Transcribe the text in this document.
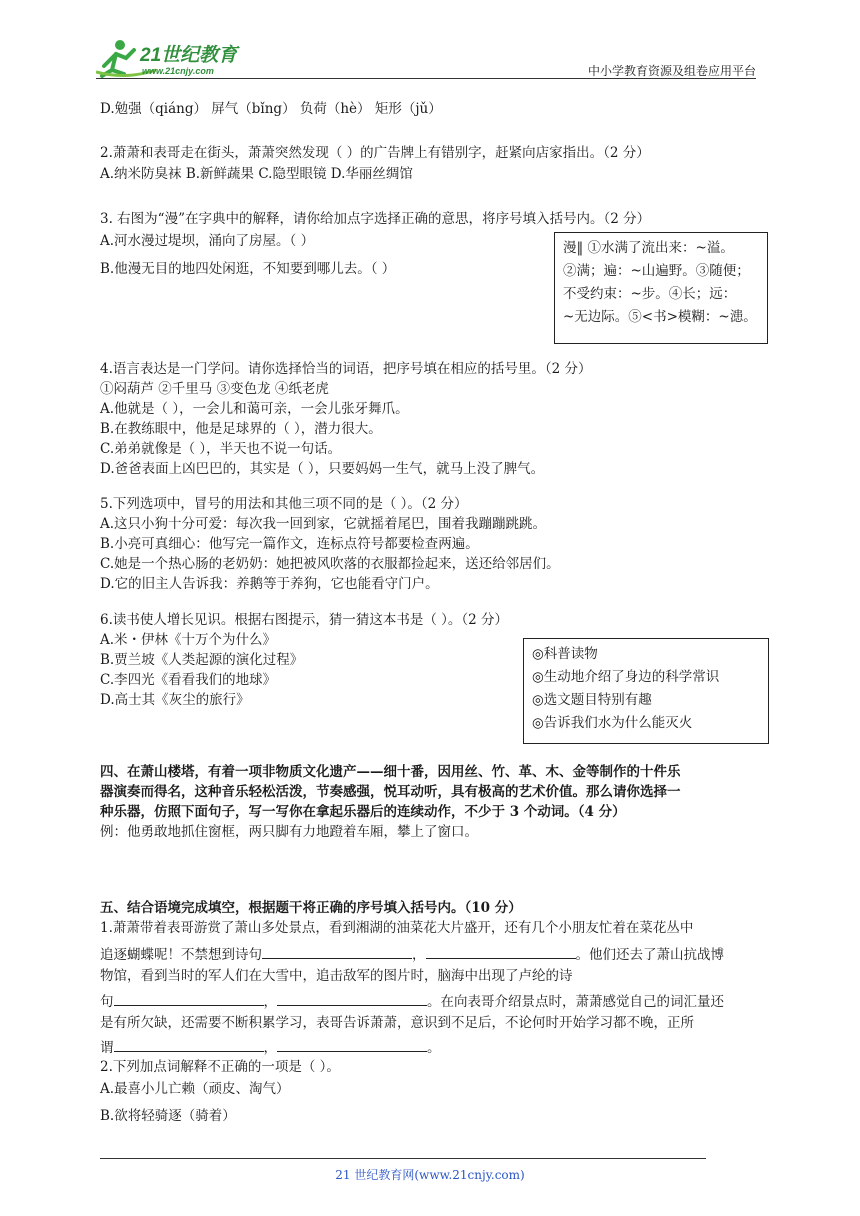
21世纪教育
www.21cnjy.com	中小学教育资源及组卷应用平台
D.勉强（qiáng） 屏气（bǐng） 负荷（hè） 矩形（jǔ）
2.萧萧和表哥走在街头，萧萧突然发现（ ）的广告牌上有错别字，赶紧向店家指出。（2 分）
A.纳米防臭袜 B.新鲜蔬果 C.隐型眼镜 D.华丽丝绸馆
3. 右图为“漫”在字典中的解释，请你给加点字选择正确的意思，将序号填入括号内。（2 分）
A.河水漫过堤坝，涌向了房屋。（ ）
B.他漫无目的地四处闲逛，不知要到哪儿去。（ ）
漫‖ ①水满了流出来：~溢。
②满；遍：~山遍野。③随便；
不受约束：~步。④长；远：
~无边际。⑤<书>模糊：~漶。
4.语言表达是一门学问。请你选择恰当的词语，把序号填在相应的括号里。（2 分）
①闷葫芦 ②千里马 ③变色龙 ④纸老虎
A.他就是（ ），一会儿和蔼可亲，一会儿张牙舞爪。
B.在教练眼中，他是足球界的（ ），潜力很大。
C.弟弟就像是（ ），半天也不说一句话。
D.爸爸表面上凶巴巴的，其实是（ ），只要妈妈一生气，就马上没了脾气。
5.下列选项中，冒号的用法和其他三项不同的是（ ）。（2 分）
A.这只小狗十分可爱：每次我一回到家，它就摇着尾巴，围着我蹦蹦跳跳。
B.小亮可真细心：他写完一篇作文，连标点符号都要检查两遍。
C.她是一个热心肠的老奶奶：她把被风吹落的衣服都捡起来，送还给邻居们。
D.它的旧主人告诉我：养鹅等于养狗，它也能看守门户。
6.读书使人增长见识。根据右图提示，猜一猜这本书是（ ）。（2 分）
A.米・伊林《十万个为什么》
B.贾兰坡《人类起源的演化过程》
C.李四光《看看我们的地球》
D.高士其《灰尘的旅行》
◎科普读物
◎生动地介绍了身边的科学常识
◎选文题目特别有趣
◎告诉我们水为什么能灭火
四、在萧山楼塔，有着一项非物质文化遗产——细十番，因用丝、竹、革、木、金等制作的十件乐
器演奏而得名，这种音乐轻松活泼，节奏感强，悦耳动听，具有极高的艺术价值。那么请你选择一
种乐器，仿照下面句子，写一写你在拿起乐器后的连续动作，不少于 3 个动词。（4 分）
例：他勇敢地抓住窗框，两只脚有力地蹬着车厢，攀上了窗口。
五、结合语境完成填空，根据题干将正确的序号填入括号内。（10 分）
1.萧萧带着表哥游赏了萧山多处景点，看到湘湖的油菜花大片盛开，还有几个小朋友忙着在菜花丛中
追逐蝴蝶呢！不禁想到诗句	，	。他们还去了萧山抗战博
物馆，看到当时的军人们在大雪中，追击敌军的图片时，脑海中出现了卢纶的诗
句	，	。在向表哥介绍景点时，萧萧感觉自己的词汇量还
是有所欠缺，还需要不断积累学习，表哥告诉萧萧，意识到不足后，不论何时开始学习都不晚，正所
谓	，	。
2.下列加点词解释不正确的一项是（ ）。
A.最喜小儿亡赖（顽皮、淘气）
B.欲将轻骑逐（骑着）
21 世纪教育网(www.21cnjy.com)
